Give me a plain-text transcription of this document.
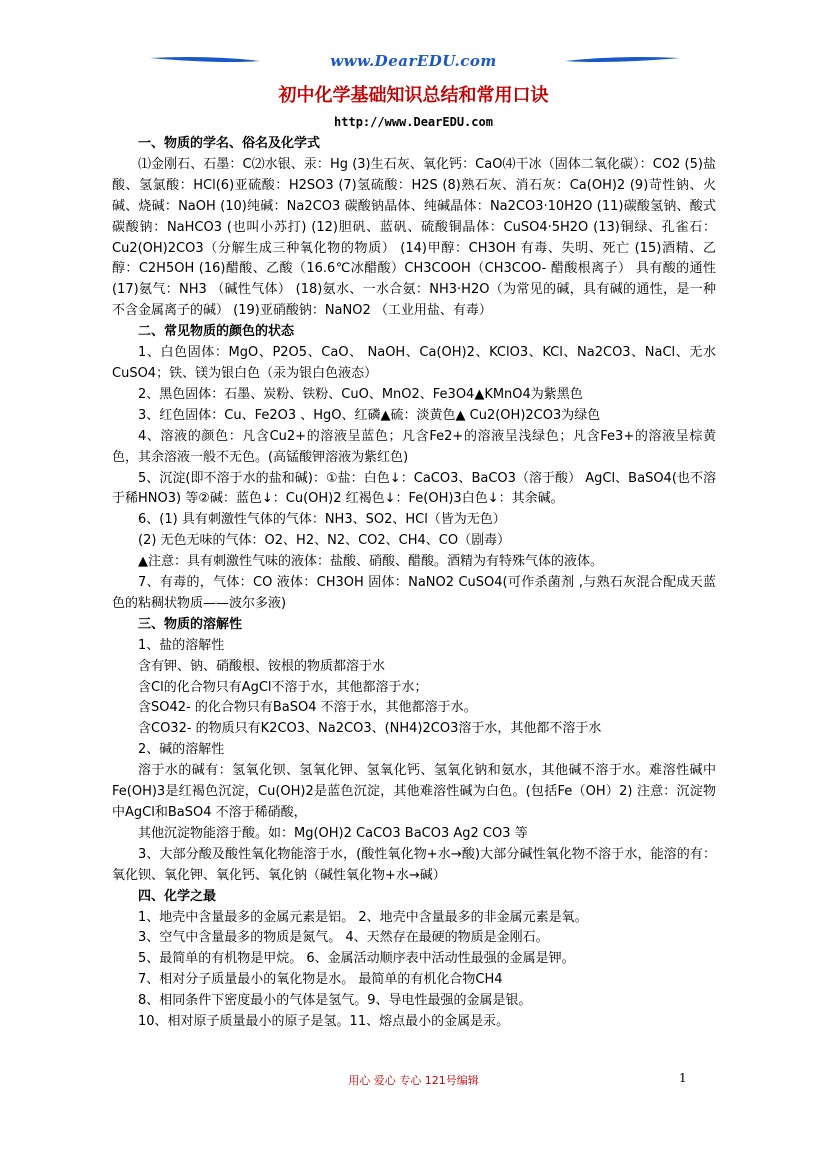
www.DearEDU.com
初中化学基础知识总结和常用口诀
http://www.DearEDU.com

一、物质的学名、俗名及化学式

⑴金刚石、石墨：C⑵水银、汞：Hg (3)生石灰、氧化钙：CaO⑷干冰（固体二氧化碳）：CO2 (5)盐酸、氢氯酸：HCl(6)亚硫酸：H2SO3 (7)氢硫酸：H2S (8)熟石灰、消石灰：Ca(OH)2 (9)苛性钠、火碱、烧碱：NaOH (10)纯碱：Na2CO3 碳酸钠晶体、纯碱晶体：Na2CO3·10H2O (11)碳酸氢钠、酸式碳酸钠：NaHCO3 (也叫小苏打) (12)胆矾、蓝矾、硫酸铜晶体：CuSO4·5H2O (13)铜绿、孔雀石：Cu2(OH)2CO3（分解生成三种氧化物的物质） (14)甲醇：CH3OH 有毒、失明、死亡 (15)酒精、乙醇：C2H5OH (16)醋酸、乙酸（16.6℃冰醋酸）CH3COOH（CH3COO- 醋酸根离子） 具有酸的通性 (17)氨气：NH3 （碱性气体） (18)氨水、一水合氨：NH3·H2O（为常见的碱，具有碱的通性，是一种不含金属离子的碱） (19)亚硝酸钠：NaNO2 （工业用盐、有毒）

二、常见物质的颜色的状态

1、白色固体：MgO、P2O5、CaO、 NaOH、Ca(OH)2、KClO3、KCl、Na2CO3、NaCl、无水CuSO4；铁、镁为银白色（汞为银白色液态）

2、黑色固体：石墨、炭粉、铁粉、CuO、MnO2、Fe3O4▲KMnO4为紫黑色

3、红色固体：Cu、Fe2O3 、HgO、红磷▲硫：淡黄色▲ Cu2(OH)2CO3为绿色

4、溶液的颜色：凡含Cu2+的溶液呈蓝色；凡含Fe2+的溶液呈浅绿色；凡含Fe3+的溶液呈棕黄色，其余溶液一般不无色。(高锰酸钾溶液为紫红色)

5、沉淀(即不溶于水的盐和碱)：①盐：白色↓：CaCO3、BaCO3（溶于酸） AgCl、BaSO4(也不溶于稀HNO3) 等②碱：蓝色↓：Cu(OH)2 红褐色↓：Fe(OH)3白色↓：其余碱。

6、(1) 具有刺激性气体的气体：NH3、SO2、HCl（皆为无色）

(2) 无色无味的气体：O2、H2、N2、CO2、CH4、CO（剧毒）

▲注意：具有刺激性气味的液体：盐酸、硝酸、醋酸。酒精为有特殊气体的液体。

7、有毒的，气体：CO 液体：CH3OH 固体：NaNO2 CuSO4(可作杀菌剂 ,与熟石灰混合配成天蓝色的粘稠状物质——波尔多液)

三、物质的溶解性

1、盐的溶解性

含有钾、钠、硝酸根、铵根的物质都溶于水

含Cl的化合物只有AgCl不溶于水，其他都溶于水；

含SO42- 的化合物只有BaSO4 不溶于水，其他都溶于水。

含CO32- 的物质只有K2CO3、Na2CO3、(NH4)2CO3溶于水，其他都不溶于水

2、碱的溶解性

溶于水的碱有：氢氧化钡、氢氧化钾、氢氧化钙、氢氧化钠和氨水，其他碱不溶于水。难溶性碱中Fe(OH)3是红褐色沉淀，Cu(OH)2是蓝色沉淀，其他难溶性碱为白色。(包括Fe（OH）2) 注意：沉淀物中AgCl和BaSO4 不溶于稀硝酸，

其他沉淀物能溶于酸。如：Mg(OH)2 CaCO3 BaCO3 Ag2 CO3 等

3、大部分酸及酸性氧化物能溶于水，(酸性氧化物+水→酸)大部分碱性氧化物不溶于水，能溶的有：氧化钡、氧化钾、氧化钙、氧化钠（碱性氧化物+水→碱）

四、化学之最

1、地壳中含量最多的金属元素是铝。 2、地壳中含量最多的非金属元素是氧。

3、空气中含量最多的物质是氮气。 4、天然存在最硬的物质是金刚石。

5、最简单的有机物是甲烷。 6、金属活动顺序表中活动性最强的金属是钾。

7、相对分子质量最小的氧化物是水。 最简单的有机化合物CH4

8、相同条件下密度最小的气体是氢气。9、导电性最强的金属是银。

10、相对原子质量最小的原子是氢。11、熔点最小的金属是汞。

用心 爱心 专心 121号编辑	1
